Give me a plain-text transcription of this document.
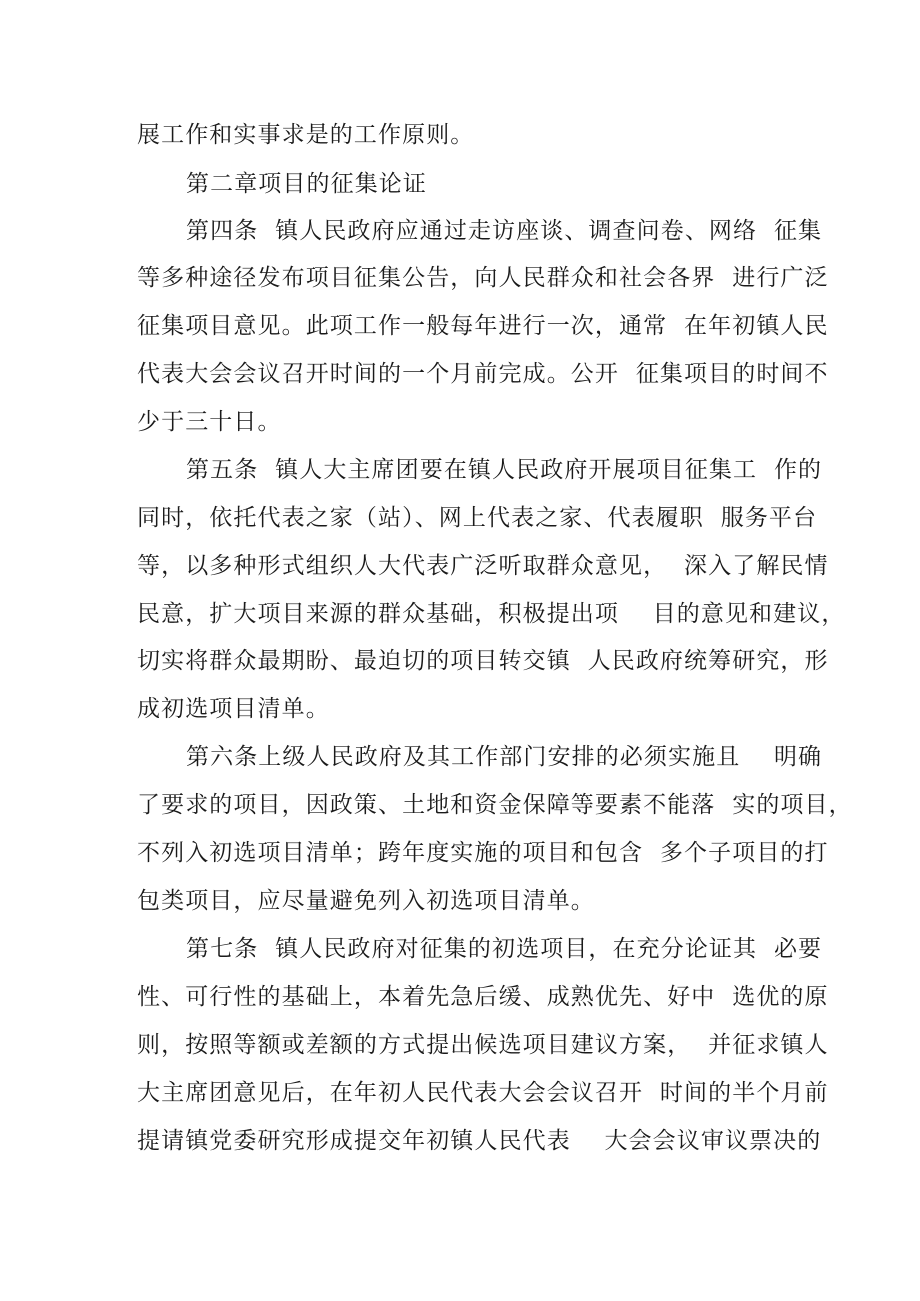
展工作和实事求是的工作原则。
第二章项目的征集论证
第四条  镇人民政府应通过走访座谈、调查问卷、网络  征集
等多种途径发布项目征集公告，向人民群众和社会各界  进行广泛
征集项目意见。此项工作一般每年进行一次，通常  在年初镇人民
代表大会会议召开时间的一个月前完成。公开  征集项目的时间不
少于三十日。
第五条  镇人大主席团要在镇人民政府开展项目征集工  作的
同时，依托代表之家（站）、网上代表之家、代表履职  服务平台
等，以多种形式组织人大代表广泛听取群众意见，  深入了解民情
民意，扩大项目来源的群众基础，积极提出项    目的意见和建议，
切实将群众最期盼、最迫切的项目转交镇  人民政府统筹研究，形
成初选项目清单。
第六条上级人民政府及其工作部门安排的必须实施且    明确
了要求的项目，因政策、土地和资金保障等要素不能落  实的项目，
不列入初选项目清单；跨年度实施的项目和包含  多个子项目的打
包类项目，应尽量避免列入初选项目清单。
第七条  镇人民政府对征集的初选项目，在充分论证其  必要
性、可行性的基础上，本着先急后缓、成熟优先、好中  选优的原
则，按照等额或差额的方式提出候选项目建议方案，  并征求镇人
大主席团意见后，在年初人民代表大会会议召开  时间的半个月前
提请镇党委研究形成提交年初镇人民代表    大会会议审议票决的
